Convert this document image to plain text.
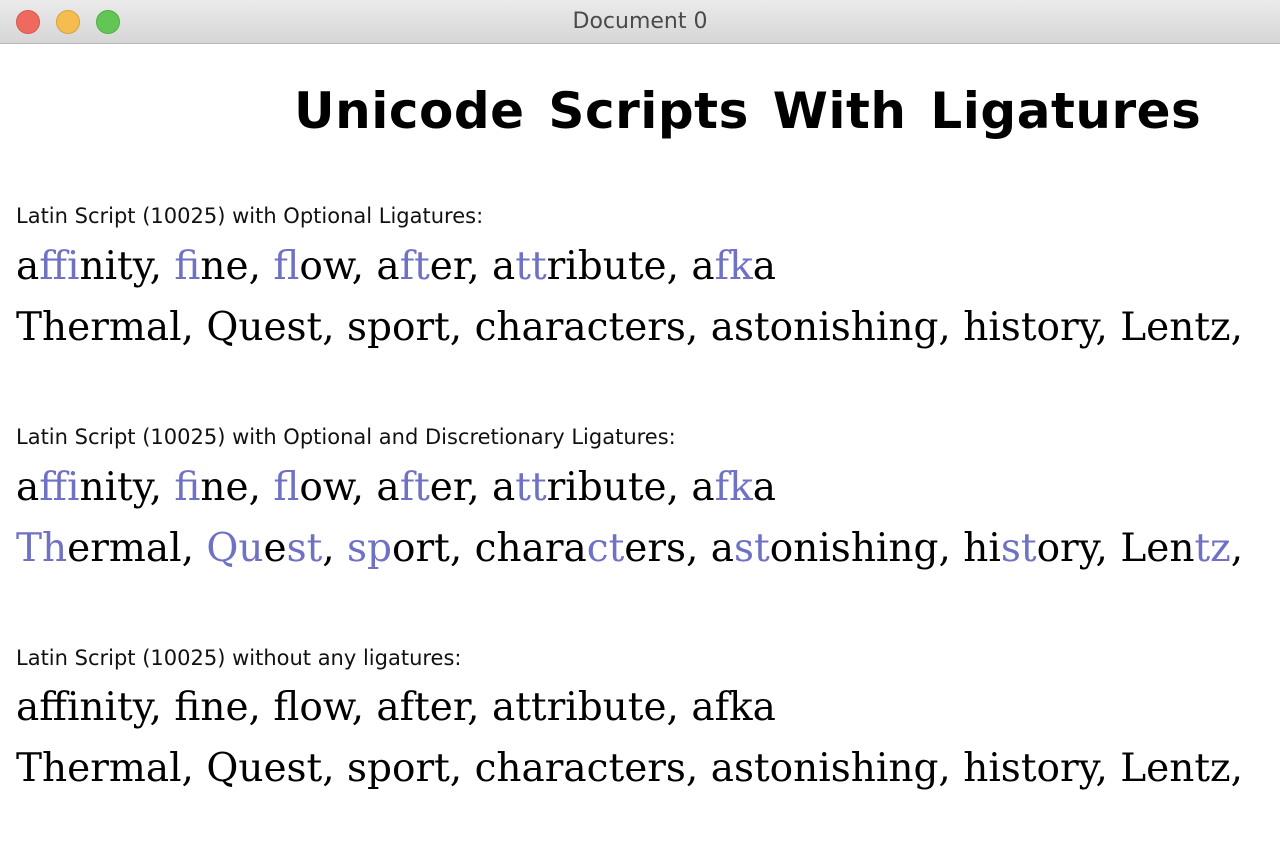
Document 0
Unicode Scripts With Ligatures
Latin Script (10025) with Optional Ligatures:
affinity, fine, flow, after, attribute, afka
Thermal, Quest, sport, characters, astonishing, history, Lentz,
Latin Script (10025) with Optional and Discretionary Ligatures:
affinity, fine, flow, after, attribute, afka
Thermal, Quest, sport, characters, astonishing, history, Lentz,
Latin Script (10025) without any ligatures:
affinity, fine, flow, after, attribute, afka
Thermal, Quest, sport, characters, astonishing, history, Lentz,
